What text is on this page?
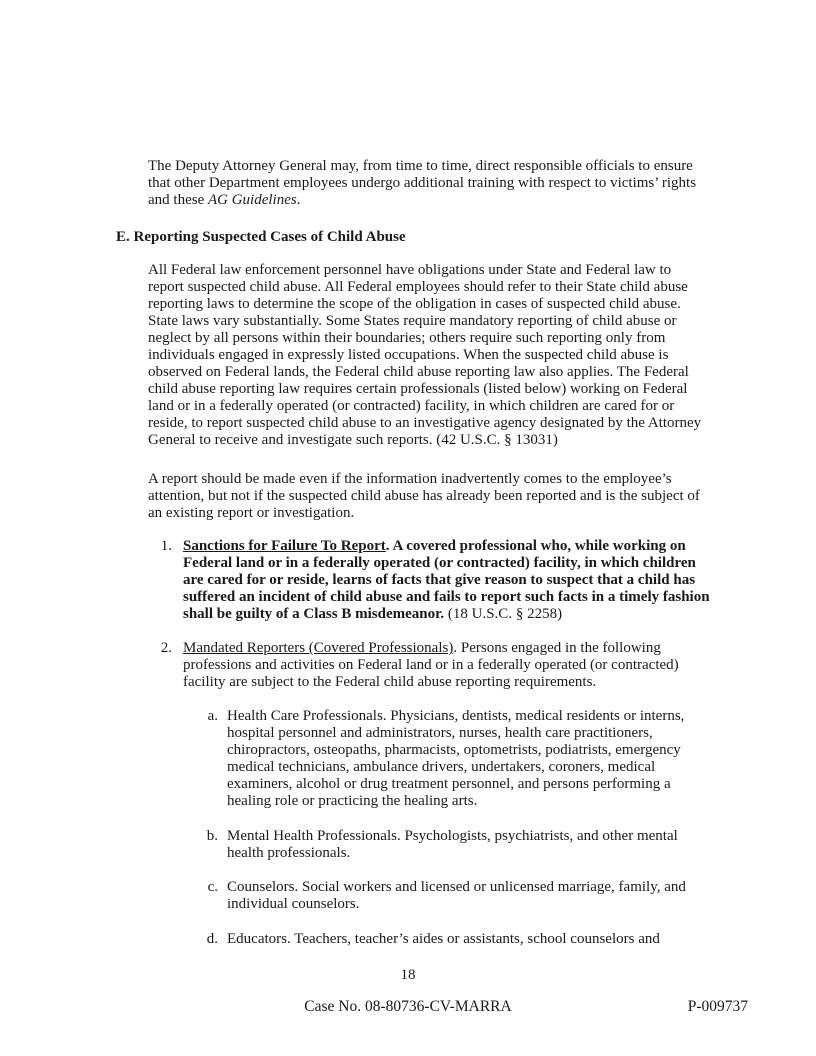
The Deputy Attorney General may, from time to time, direct responsible officials to ensure that other Department employees undergo additional training with respect to victims’ rights and these AG Guidelines.

E. Reporting Suspected Cases of Child Abuse

All Federal law enforcement personnel have obligations under State and Federal law to report suspected child abuse. All Federal employees should refer to their State child abuse reporting laws to determine the scope of the obligation in cases of suspected child abuse. State laws vary substantially. Some States require mandatory reporting of child abuse or neglect by all persons within their boundaries; others require such reporting only from individuals engaged in expressly listed occupations. When the suspected child abuse is observed on Federal lands, the Federal child abuse reporting law also applies. The Federal child abuse reporting law requires certain professionals (listed below) working on Federal land or in a federally operated (or contracted) facility, in which children are cared for or reside, to report suspected child abuse to an investigative agency designated by the Attorney General to receive and investigate such reports. (42 U.S.C. § 13031)

A report should be made even if the information inadvertently comes to the employee’s attention, but not if the suspected child abuse has already been reported and is the subject of an existing report or investigation.

1. Sanctions for Failure To Report. A covered professional who, while working on Federal land or in a federally operated (or contracted) facility, in which children are cared for or reside, learns of facts that give reason to suspect that a child has suffered an incident of child abuse and fails to report such facts in a timely fashion shall be guilty of a Class B misdemeanor. (18 U.S.C. § 2258)

2. Mandated Reporters (Covered Professionals). Persons engaged in the following professions and activities on Federal land or in a federally operated (or contracted) facility are subject to the Federal child abuse reporting requirements.

a. Health Care Professionals. Physicians, dentists, medical residents or interns, hospital personnel and administrators, nurses, health care practitioners, chiropractors, osteopaths, pharmacists, optometrists, podiatrists, emergency medical technicians, ambulance drivers, undertakers, coroners, medical examiners, alcohol or drug treatment personnel, and persons performing a healing role or practicing the healing arts.

b. Mental Health Professionals. Psychologists, psychiatrists, and other mental health professionals.

c. Counselors. Social workers and licensed or unlicensed marriage, family, and individual counselors.

d. Educators. Teachers, teacher’s aides or assistants, school counselors and

18
Case No. 08-80736-CV-MARRA	P-009737
